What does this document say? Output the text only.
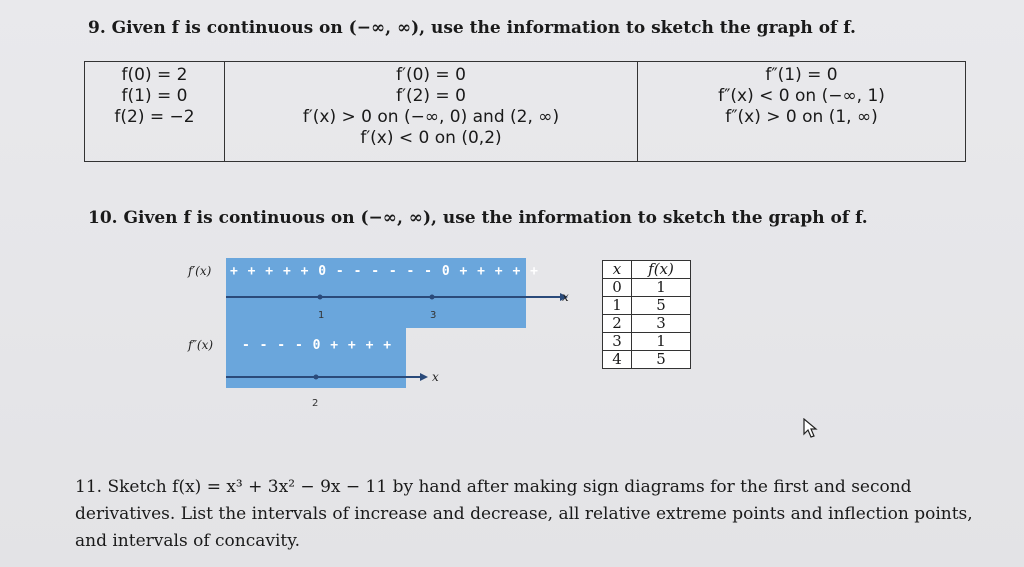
9. Given f is continuous on (−∞, ∞), use the information to sketch the graph of f.
f(0) = 2
f(1) = 0
f(2) = −2

f′(0) = 0
f′(2) = 0
f′(x) > 0 on (−∞, 0) and (2, ∞)
f′(x) < 0 on (0,2)

f″(1) = 0
f″(x) < 0 on (−∞, 1)
f″(x) > 0 on (1, ∞)
10. Given f is continuous on (−∞, ∞), use the information to sketch the graph of f.
f′(x) + + + + + 0 - - - - - - 0 + + + + +
x
1	3
f″(x) - - - - 0 + + + +
x
2
x	f(x)
0	1
1	5
2	3
3	1
4	5
11. Sketch f(x) = x³ + 3x² − 9x − 11 by hand after making sign diagrams for the first and second derivatives. List the intervals of increase and decrease, all relative extreme points and inflection points, and intervals of concavity.
